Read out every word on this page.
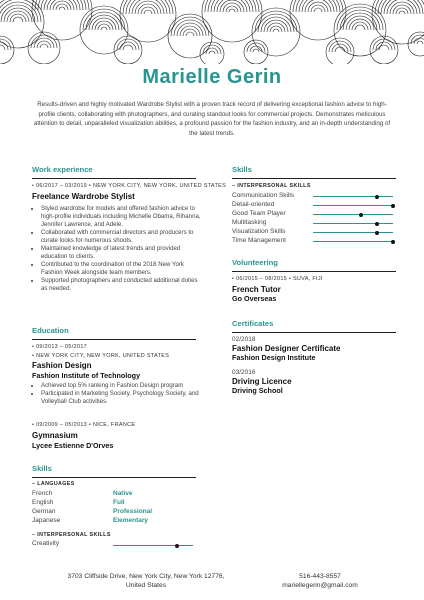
Marielle Gerin
Results-driven and highly motivated Wardrobe Stylist with a proven track record of delivering exceptional fashion advice to high-profile clients, collaborating with photographers, and curating standout looks for commercial projects. Demonstrates meticulous attention to detail, unparalleled visualization abilities, a profound passion for the fashion industry, and an in-depth understanding of the latest trends.
Work experience
• 06/2017 – 03/2019 • NEW YORK CITY, NEW YORK, UNITED STATES
Freelance Wardrobe Stylist
• Styled wardrobe for models and offered fashion advice to high-profile individuals including Michelle Obama, Rihanna, Jennifer Lawrence, and Adele.
• Collaborated with commercial directors and producers to curate looks for numerous shoots.
• Maintained knowledge of latest trends and provided education to clients.
• Contributed to the coordination of the 2018 New York Fashion Week alongside team members.
• Supported photographers and conducted additional duties as needed.
Education
• 09/2013 – 05/2017
• NEW YORK CITY, NEW YORK, UNITED STATES
Fashion Design
Fashion Institute of Technology
• Achieved top 5% ranking in Fashion Design program
• Participated in Marketing Society, Psychology Society, and Volleyball Club activities.
• 09/2009 – 05/2013 • NICE, FRANCE
Gymnasium
Lycee Estienne D'Orves
Skills
– LANGUAGES
French	Native
English	Full
German	Professional
Japanese	Elementary
– INTERPERSONAL SKILLS
Creativity
Skills
– INTERPERSONAL SKILLS
Communication Skills
Detail-oriented
Good Team Player
Multitasking
Visualization Skills
Time Management
Volunteering
• 06/2015 – 08/2015 • SUVA, FIJI
French Tutor
Go Overseas
Certificates
02/2018
Fashion Designer Certificate
Fashion Design Institute
03/2016
Driving Licence
Driving School
3703 Cliffside Drive, New York City, New York 12776, United States
516-443-8557
mariellegerin@gmail.com
